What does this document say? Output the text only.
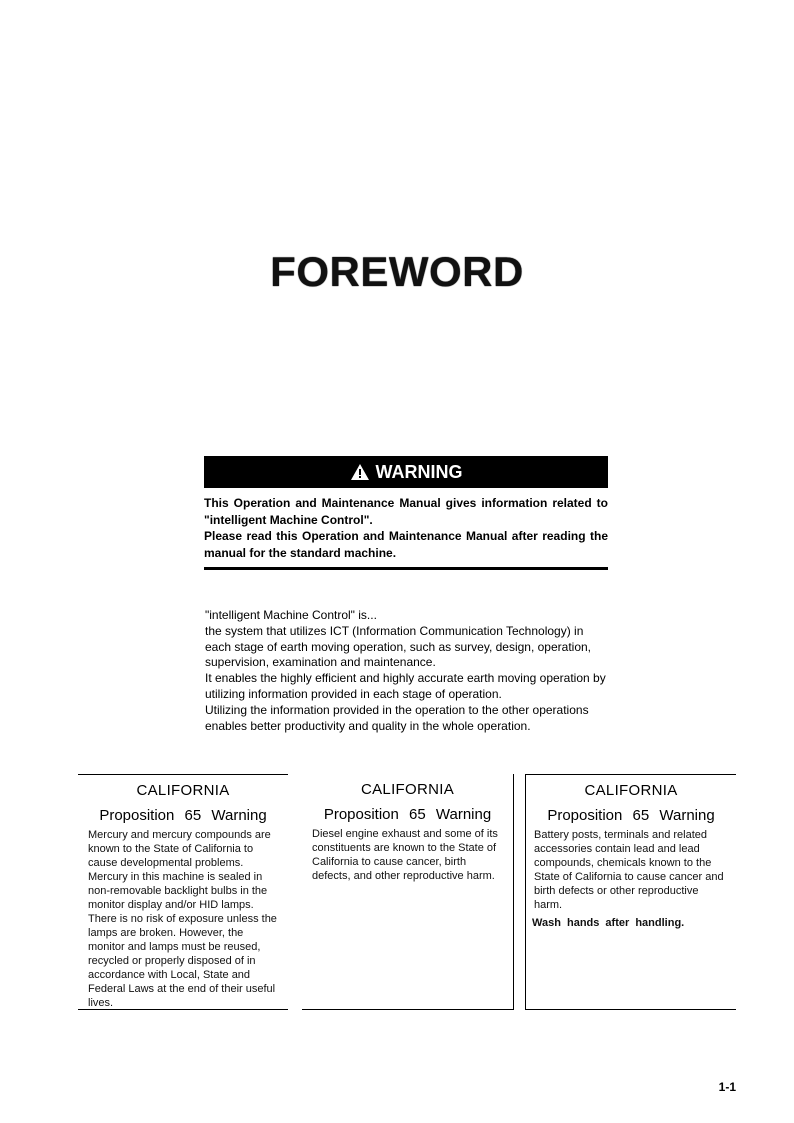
FOREWORD
WARNING

This Operation and Maintenance Manual gives information related to "intelligent Machine Control".

Please read this Operation and Maintenance Manual after reading the manual for the standard machine.

"intelligent Machine Control" is...

the system that utilizes ICT (Information Communication Technology) in each stage of earth moving operation, such as survey, design, operation, supervision, examination and maintenance.

It enables the highly efficient and highly accurate earth moving operation by utilizing information provided in each stage of operation.

Utilizing the information provided in the operation to the other operations enables better productivity and quality in the whole operation.

CALIFORNIA
Proposition 65 Warning
Mercury and mercury compounds are known to the State of California to cause developmental problems. Mercury in this machine is sealed in non-removable backlight bulbs in the monitor display and/or HID lamps. There is no risk of exposure unless the lamps are broken. However, the monitor and lamps must be reused, recycled or properly disposed of in accordance with Local, State and Federal Laws at the end of their useful lives.
CALIFORNIA
Proposition 65 Warning
Diesel engine exhaust and some of its constituents are known to the State of California to cause cancer, birth defects, and other reproductive harm.
CALIFORNIA
Proposition 65 Warning
Battery posts, terminals and related accessories contain lead and lead compounds, chemicals known to the State of California to cause cancer and birth defects or other reproductive harm.
Wash hands after handling.
1-1
